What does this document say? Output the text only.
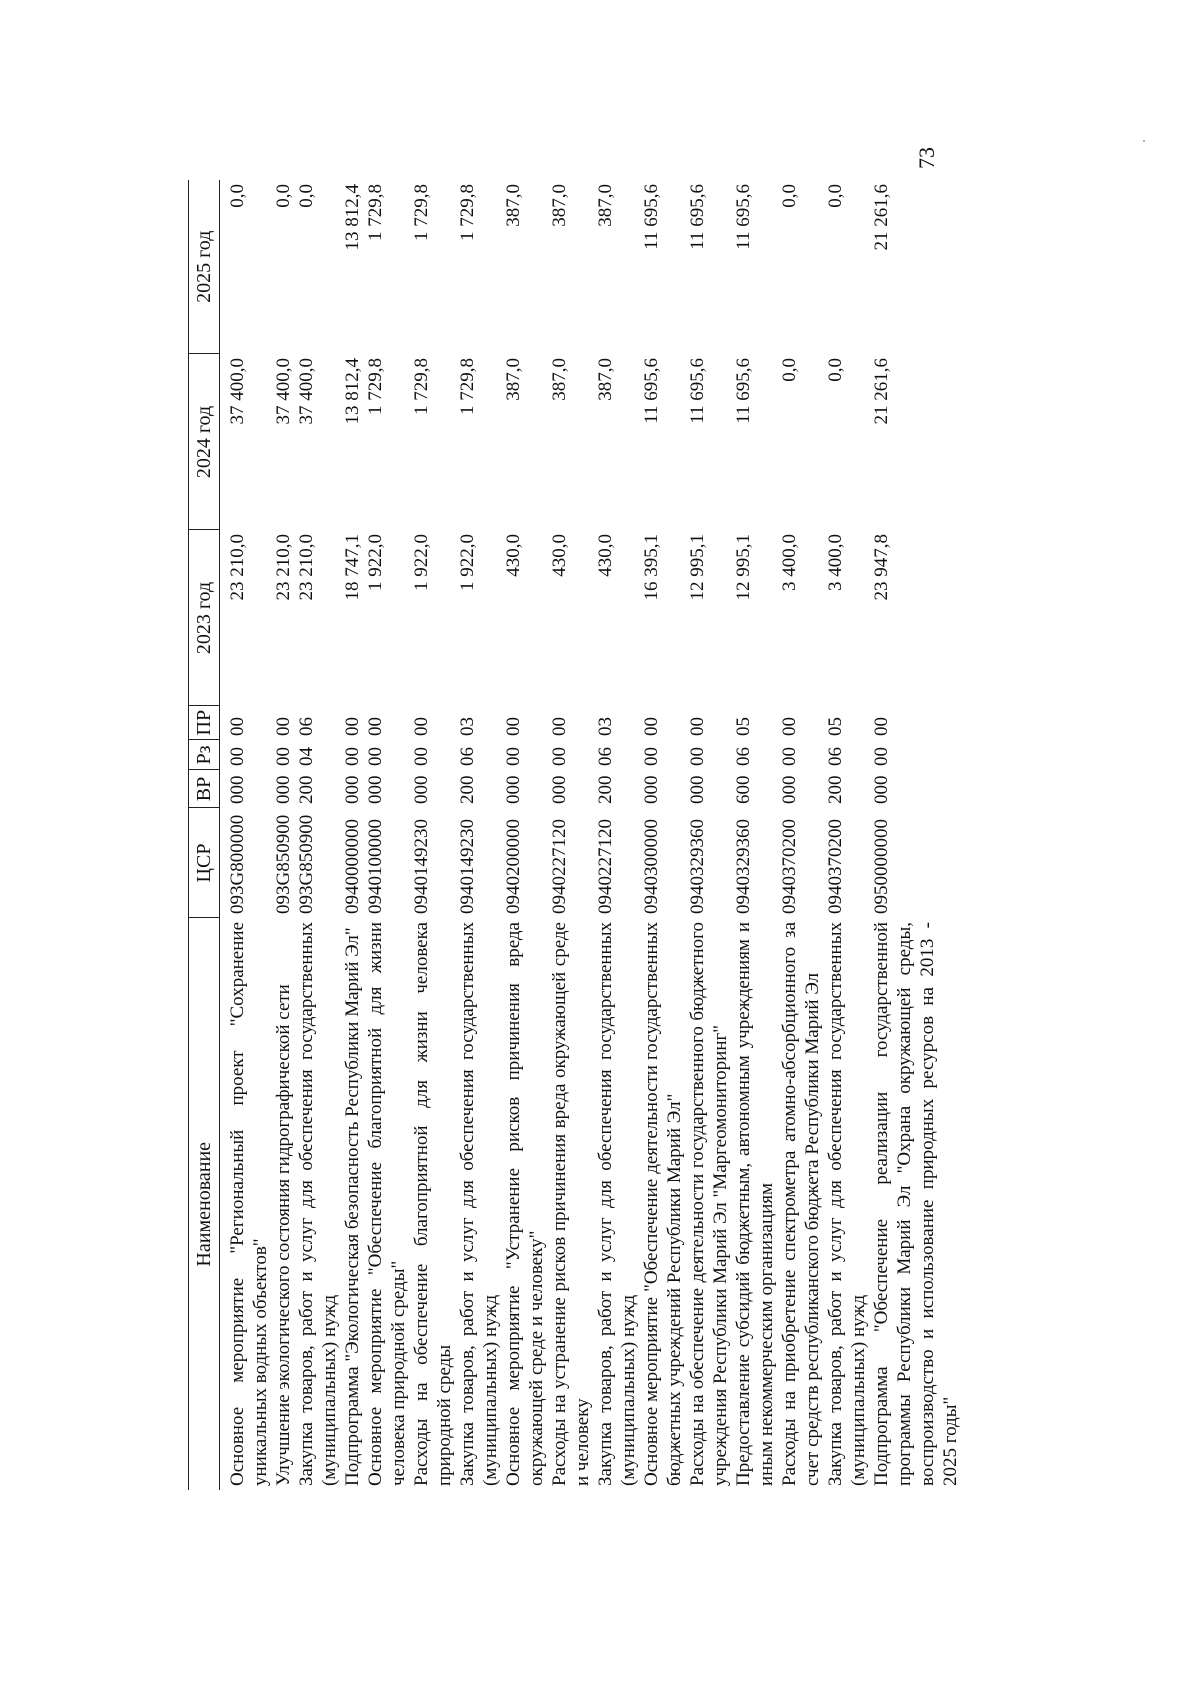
73
Наименование	ЦСР	ВР	Рз	ПР	2023 год	2024 год	2025 год
Основное мероприятие "Региональный проект "Сохранение уникальных водных объектов"	093G800000	000	00	00	23 210,0	37 400,0	0,0
Улучшение экологического состояния гидрографической сети	093G850900	000	00	00	23 210,0	37 400,0	0,0
Закупка товаров, работ и услуг для обеспечения государственных (муниципальных) нужд	093G850900	200	04	06	23 210,0	37 400,0	0,0
Подпрограмма "Экологическая безопасность Республики Марий Эл"	0940000000	000	00	00	18 747,1	13 812,4	13 812,4
Основное мероприятие "Обеспечение благоприятной для жизни человека природной среды"	0940100000	000	00	00	1 922,0	1 729,8	1 729,8
Расходы на обеспечение благоприятной для жизни человека природной среды	0940149230	000	00	00	1 922,0	1 729,8	1 729,8
Закупка товаров, работ и услуг для обеспечения государственных (муниципальных) нужд	0940149230	200	06	03	1 922,0	1 729,8	1 729,8
Основное мероприятие "Устранение рисков причинения вреда окружающей среде и человеку"	0940200000	000	00	00	430,0	387,0	387,0
Расходы на устранение рисков причинения вреда окружающей среде и человеку	0940227120	000	00	00	430,0	387,0	387,0
Закупка товаров, работ и услуг для обеспечения государственных (муниципальных) нужд	0940227120	200	06	03	430,0	387,0	387,0
Основное мероприятие "Обеспечение деятельности государственных бюджетных учреждений Республики Марий Эл"	0940300000	000	00	00	16 395,1	11 695,6	11 695,6
Расходы на обеспечение деятельности государственного бюджетного учреждения Республики Марий Эл "Маргеомониторинг"	0940329360	000	00	00	12 995,1	11 695,6	11 695,6
Предоставление субсидий бюджетным, автономным учреждениям и иным некоммерческим организациям	0940329360	600	06	05	12 995,1	11 695,6	11 695,6
Расходы на приобретение спектрометра атомно-абсорбционного за счет средств республиканского бюджета Республики Марий Эл	0940370200	000	00	00	3 400,0	0,0	0,0
Закупка товаров, работ и услуг для обеспечения государственных (муниципальных) нужд	0940370200	200	06	05	3 400,0	0,0	0,0
Подпрограмма "Обеспечение реализации государственной программы Республики Марий Эл "Охрана окружающей среды, воспроизводство и использование природных ресурсов на 2013 - 2025 годы"	0950000000	000	00	00	23 947,8	21 261,6	21 261,6
